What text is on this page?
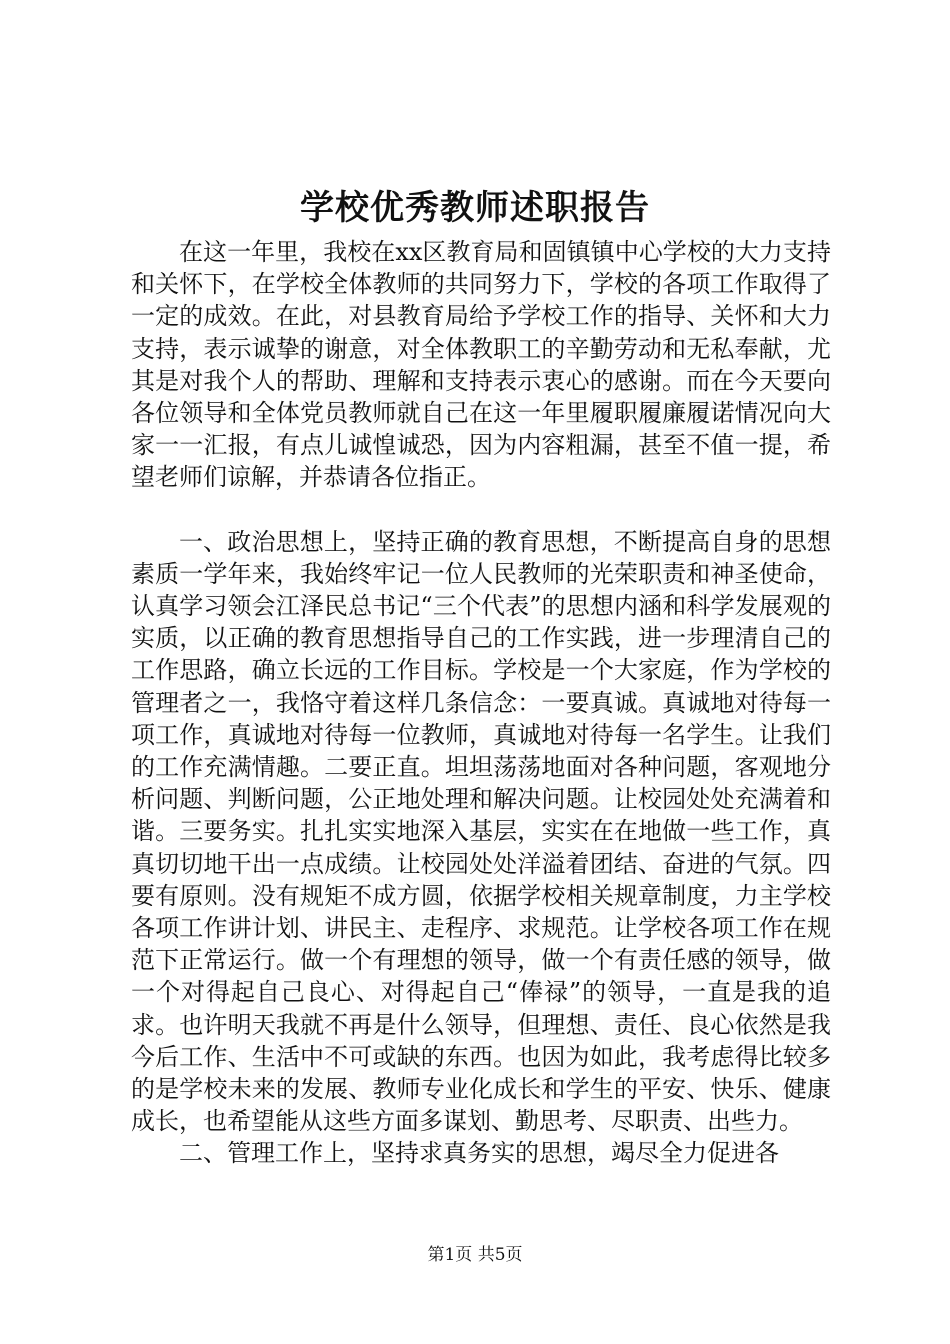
学校优秀教师述职报告

在这一年里，我校在xx区教育局和固镇镇中心学校的大力支持和关怀下，在学校全体教师的共同努力下，学校的各项工作取得了一定的成效。在此，对县教育局给予学校工作的指导、关怀和大力支持，表示诚挚的谢意，对全体教职工的辛勤劳动和无私奉献，尤其是对我个人的帮助、理解和支持表示衷心的感谢。而在今天要向各位领导和全体党员教师就自己在这一年里履职履廉履诺情况向大家一一汇报，有点儿诚惶诚恐，因为内容粗漏，甚至不值一提，希望老师们谅解，并恭请各位指正。

一、政治思想上，坚持正确的教育思想，不断提高自身的思想素质一学年来，我始终牢记一位人民教师的光荣职责和神圣使命，认真学习领会江泽民总书记“三个代表”的思想内涵和科学发展观的实质，以正确的教育思想指导自己的工作实践，进一步理清自己的工作思路，确立长远的工作目标。学校是一个大家庭，作为学校的管理者之一，我恪守着这样几条信念：一要真诚。真诚地对待每一项工作，真诚地对待每一位教师，真诚地对待每一名学生。让我们的工作充满情趣。二要正直。坦坦荡荡地面对各种问题，客观地分析问题、判断问题，公正地处理和解决问题。让校园处处充满着和谐。三要务实。扎扎实实地深入基层，实实在在地做一些工作，真真切切地干出一点成绩。让校园处处洋溢着团结、奋进的气氛。四要有原则。没有规矩不成方圆，依据学校相关规章制度，力主学校各项工作讲计划、讲民主、走程序、求规范。让学校各项工作在规范下正常运行。做一个有理想的领导，做一个有责任感的领导，做一个对得起自己良心、对得起自己“俸禄”的领导，一直是我的追求。也许明天我就不再是什么领导，但理想、责任、良心依然是我今后工作、生活中不可或缺的东西。也因为如此，我考虑得比较多的是学校未来的发展、教师专业化成长和学生的平安、快乐、健康成长，也希望能从这些方面多谋划、勤思考、尽职责、出些力。

二、管理工作上，坚持求真务实的思想，竭尽全力促进各

第1页 共5页
